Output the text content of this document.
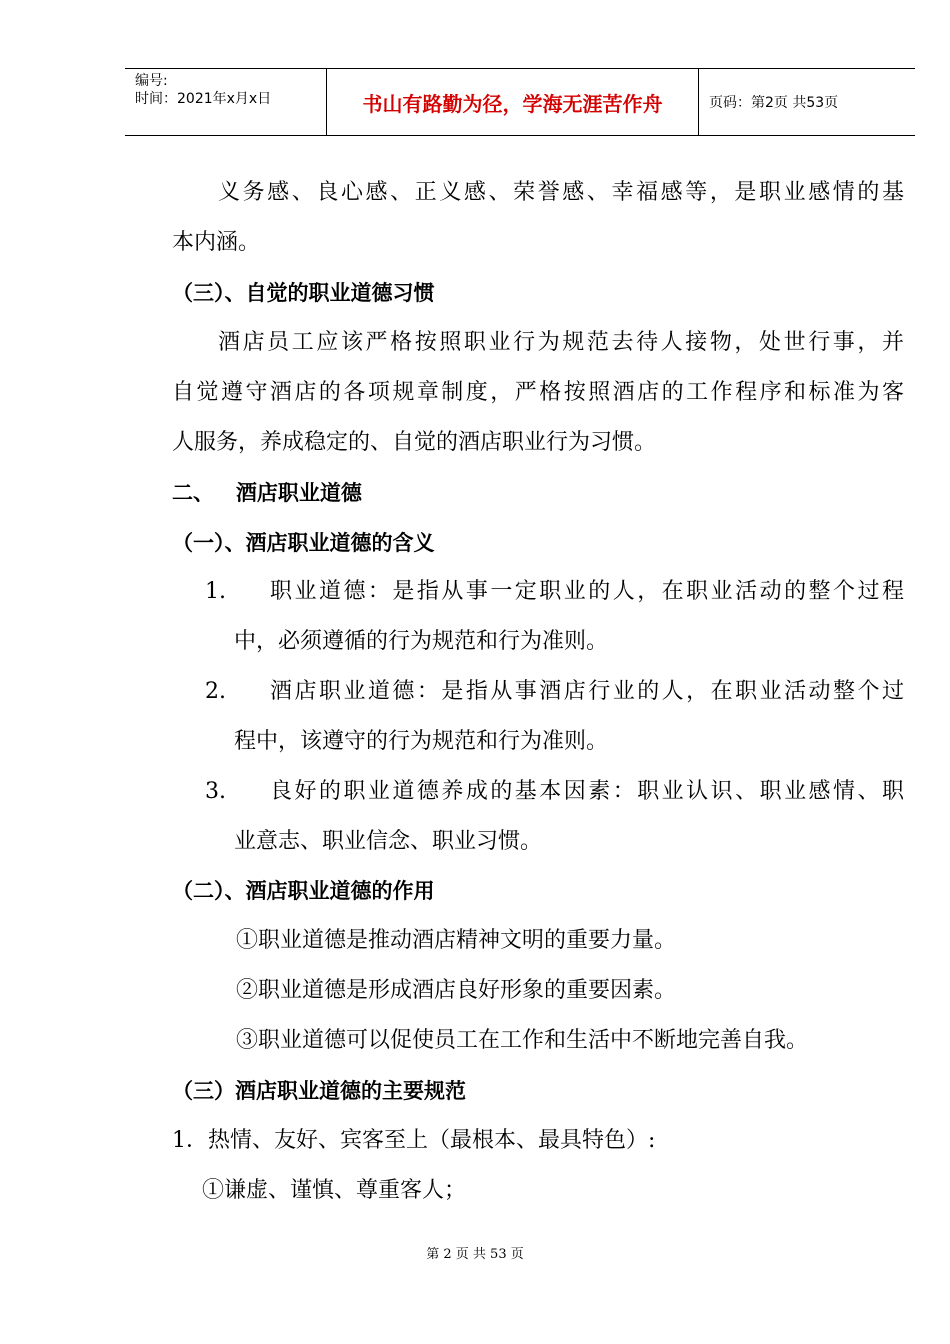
编号:
时间：2021年x月x日	书山有路勤为径，学海无涯苦作舟	页码：第2页 共53页
义务感、良心感、正义感、荣誉感、幸福感等，是职业感情的基
本内涵。
（三）、自觉的职业道德习惯
酒店员工应该严格按照职业行为规范去待人接物，处世行事，并
自觉遵守酒店的各项规章制度，严格按照酒店的工作程序和标准为客
人服务，养成稳定的、自觉的酒店职业行为习惯。
二、   酒店职业道德
（一）、酒店职业道德的含义
1. 职业道德：是指从事一定职业的人，在职业活动的整个过程
中，必须遵循的行为规范和行为准则。
2. 酒店职业道德：是指从事酒店行业的人，在职业活动整个过
程中，该遵守的行为规范和行为准则。
3. 良好的职业道德养成的基本因素：职业认识、职业感情、职
业意志、职业信念、职业习惯。
（二）、酒店职业道德的作用
①职业道德是推动酒店精神文明的重要力量。
②职业道德是形成酒店良好形象的重要因素。
③职业道德可以促使员工在工作和生活中不断地完善自我。
（三）酒店职业道德的主要规范
1．热情、友好、宾客至上（最根本、最具特色）:
①谦虚、谨慎、尊重客人；
第 2 页 共 53 页
